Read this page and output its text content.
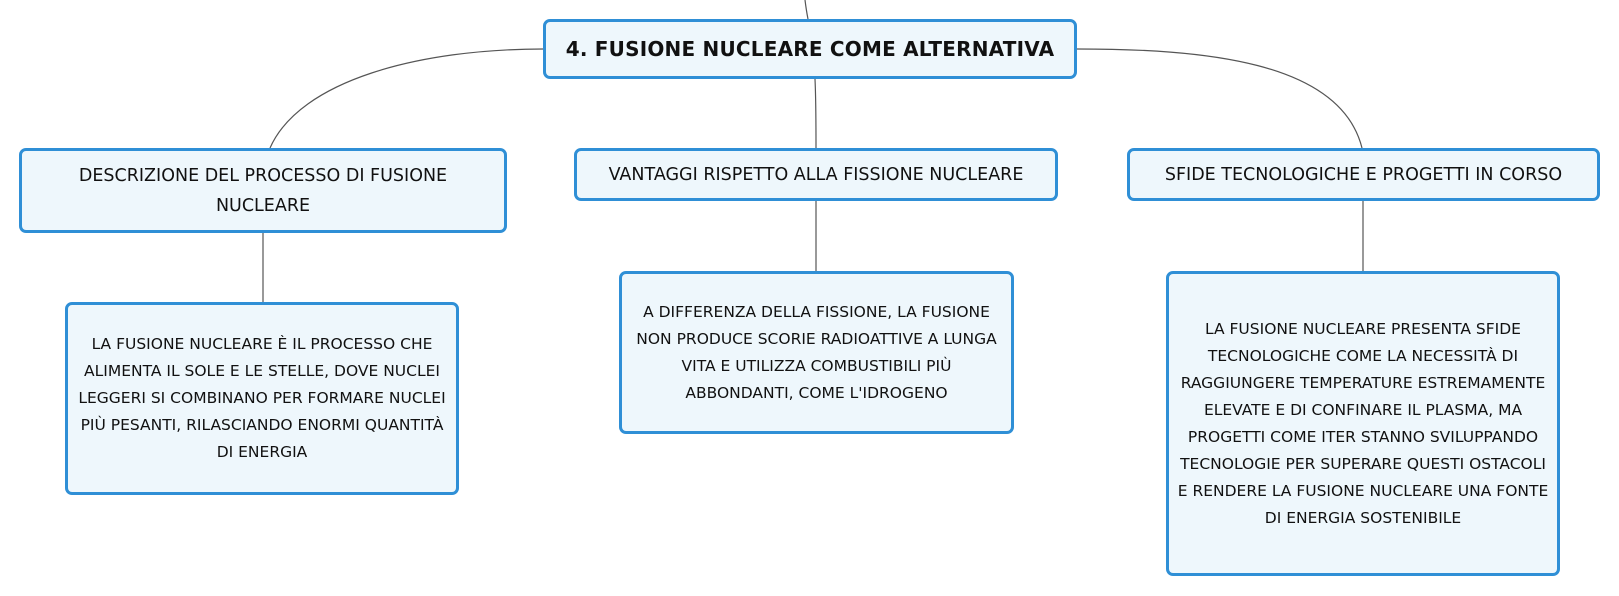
4. FUSIONE NUCLEARE COME ALTERNATIVA
DESCRIZIONE DEL PROCESSO DI FUSIONE NUCLEARE
VANTAGGI RISPETTO ALLA FISSIONE NUCLEARE	SFIDE TECNOLOGICHE E PROGETTI IN CORSO
LA FUSIONE NUCLEARE È IL PROCESSO CHE ALIMENTA IL SOLE E LE STELLE, DOVE NUCLEI LEGGERI SI COMBINANO PER FORMARE NUCLEI PIÙ PESANTI, RILASCIANDO ENORMI QUANTITÀ DI ENERGIA
A DIFFERENZA DELLA FISSIONE, LA FUSIONE NON PRODUCE SCORIE RADIOATTIVE A LUNGA VITA E UTILIZZA COMBUSTIBILI PIÙ ABBONDANTI, COME L'IDROGENO
LA FUSIONE NUCLEARE PRESENTA SFIDE TECNOLOGICHE COME LA NECESSITÀ DI RAGGIUNGERE TEMPERATURE ESTREMAMENTE ELEVATE E DI CONFINARE IL PLASMA, MA PROGETTI COME ITER STANNO SVILUPPANDO TECNOLOGIE PER SUPERARE QUESTI OSTACOLI E RENDERE LA FUSIONE NUCLEARE UNA FONTE DI ENERGIA SOSTENIBILE
